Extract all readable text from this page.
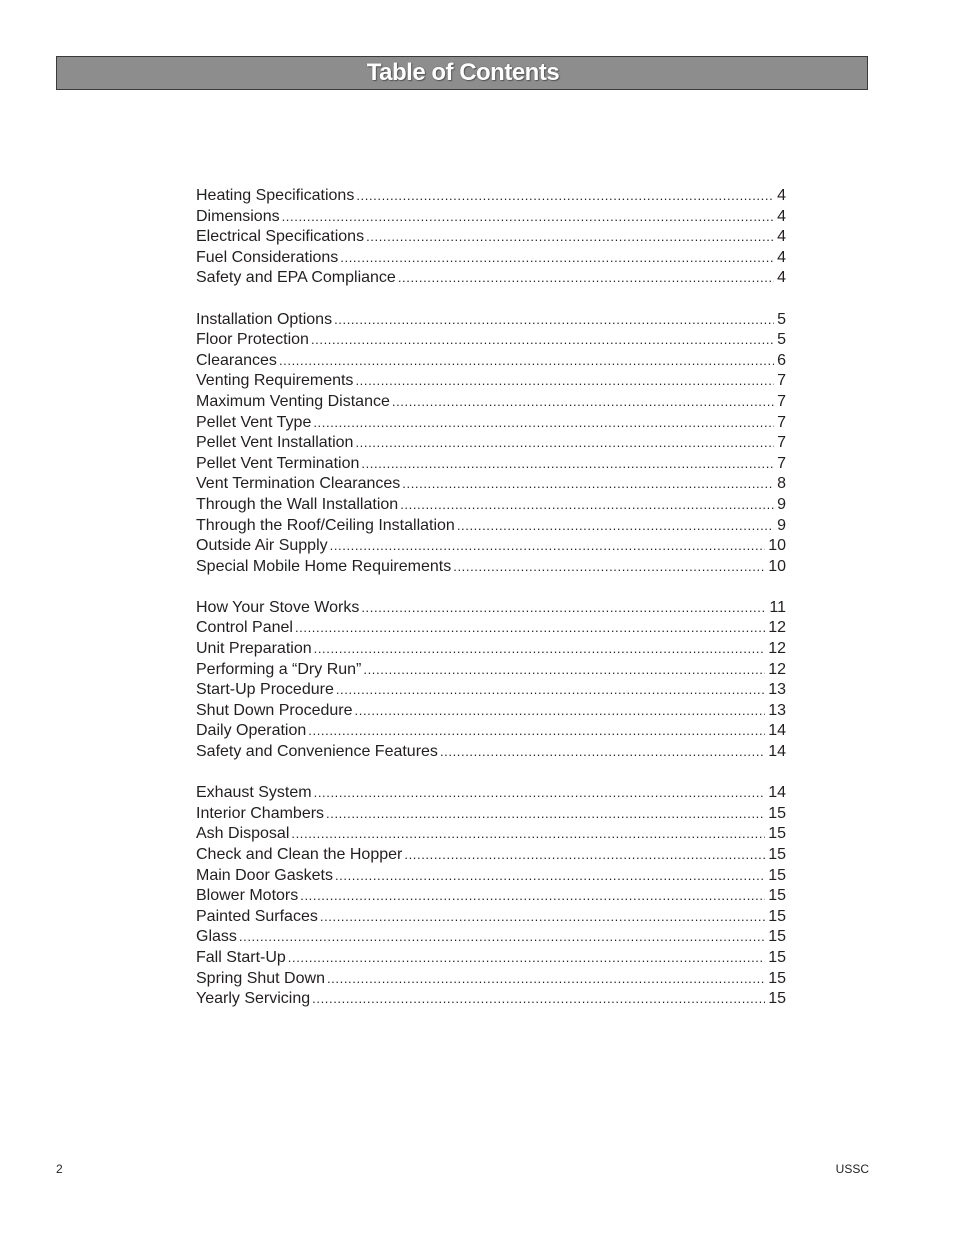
Table of Contents
Heating Specifications .....	4
Dimensions .....	4
Electrical Specifications .....	4
Fuel Considerations .....	4
Safety and EPA Compliance .....	4
Installation Options .....	5
Floor Protection .....	5
Clearances .....	6
Venting Requirements .....	7
Maximum Venting Distance .....	7
Pellet Vent Type .....	7
Pellet Vent Installation .....	7
Pellet Vent Termination .....	7
Vent Termination Clearances .....	8
Through the Wall Installation .....	9
Through the Roof/Ceiling Installation .....	9
Outside Air Supply .....	10
Special Mobile Home Requirements .....	10
How Your Stove Works .....	11
Control Panel .....	12
Unit Preparation .....	12
Performing a “Dry Run” .....	12
Start-Up Procedure .....	13
Shut Down Procedure .....	13
Daily Operation .....	14
Safety and Convenience Features .....	14
Exhaust System .....	14
Interior Chambers .....	15
Ash Disposal .....	15
Check and Clean the Hopper .....	15
Main Door Gaskets .....	15
Blower Motors .....	15
Painted Surfaces .....	15
Glass .....	15
Fall Start-Up .....	15
Spring Shut Down .....	15
Yearly Servicing .....	15
2	USSC
